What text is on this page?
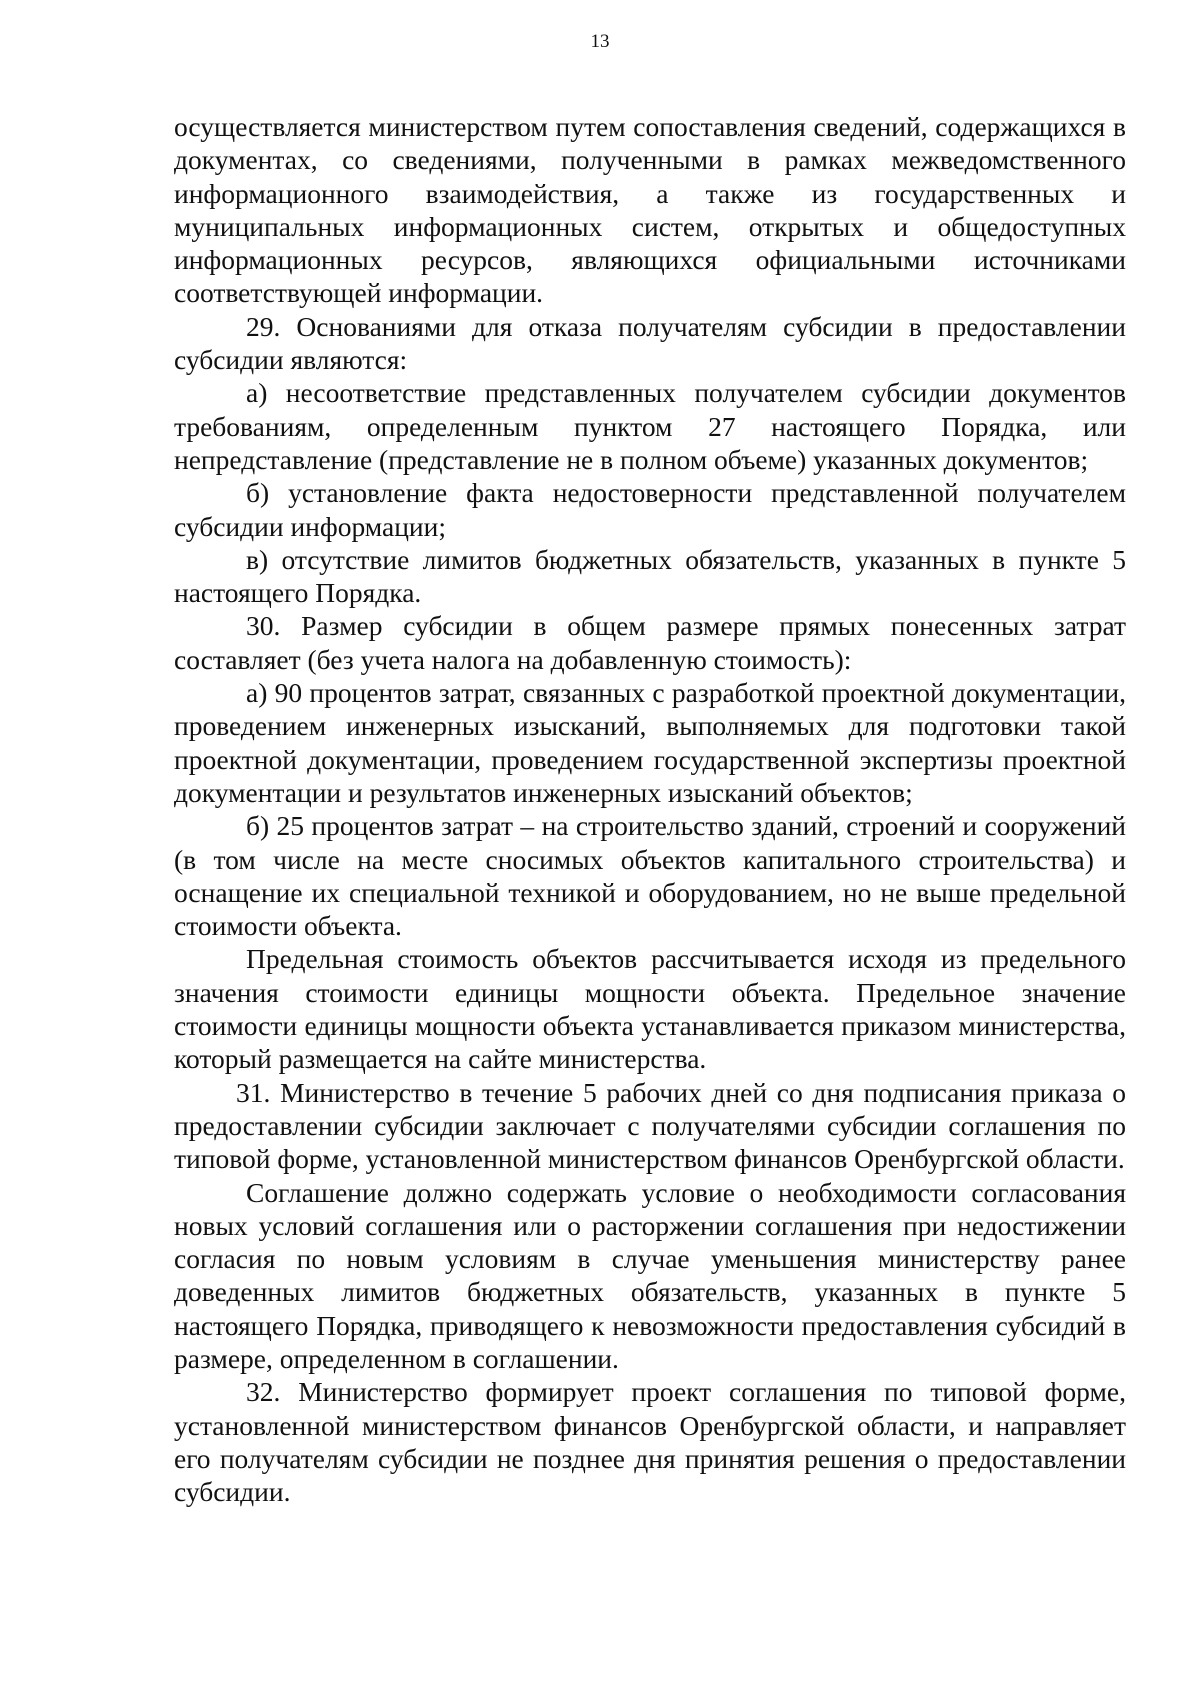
13

осуществляется министерством путем сопоставления сведений, содержащихся в документах, со сведениями, полученными в рамках межведомственного информационного взаимодействия, а также из государственных и муниципальных информационных систем, открытых и общедоступных информационных ресурсов, являющихся официальными источниками соответствующей информации.

29. Основаниями для отказа получателям субсидии в предоставлении субсидии являются:

а) несоответствие представленных получателем субсидии документов требованиям, определенным пунктом 27 настоящего Порядка, или непредставление (представление не в полном объеме) указанных документов;

б) установление факта недостоверности представленной получателем субсидии информации;

в) отсутствие лимитов бюджетных обязательств, указанных в пункте 5 настоящего Порядка.

30. Размер субсидии в общем размере прямых понесенных затрат составляет (без учета налога на добавленную стоимость):

а) 90 процентов затрат, связанных с разработкой проектной документации, проведением инженерных изысканий, выполняемых для подготовки такой проектной документации, проведением государственной экспертизы проектной документации и результатов инженерных изысканий объектов;

б) 25 процентов затрат – на строительство зданий, строений и сооружений (в том числе на месте сносимых объектов капитального строительства) и оснащение их специальной техникой и оборудованием, но не выше предельной стоимости объекта.

Предельная стоимость объектов рассчитывается исходя из предельного значения стоимости единицы мощности объекта. Предельное значение стоимости единицы мощности объекта устанавливается приказом министерства, который размещается на сайте министерства.

31. Министерство в течение 5 рабочих дней со дня подписания приказа о предоставлении субсидии заключает с получателями субсидии соглашения по типовой форме, установленной министерством финансов Оренбургской области.

Соглашение должно содержать условие о необходимости согласования новых условий соглашения или о расторжении соглашения при недостижении согласия по новым условиям в случае уменьшения министерству ранее доведенных лимитов бюджетных обязательств, указанных в пункте 5 настоящего Порядка, приводящего к невозможности предоставления субсидий в размере, определенном в соглашении.

32. Министерство формирует проект соглашения по типовой форме, установленной министерством финансов Оренбургской области, и направляет его получателям субсидии не позднее дня принятия решения о предоставлении субсидии.
